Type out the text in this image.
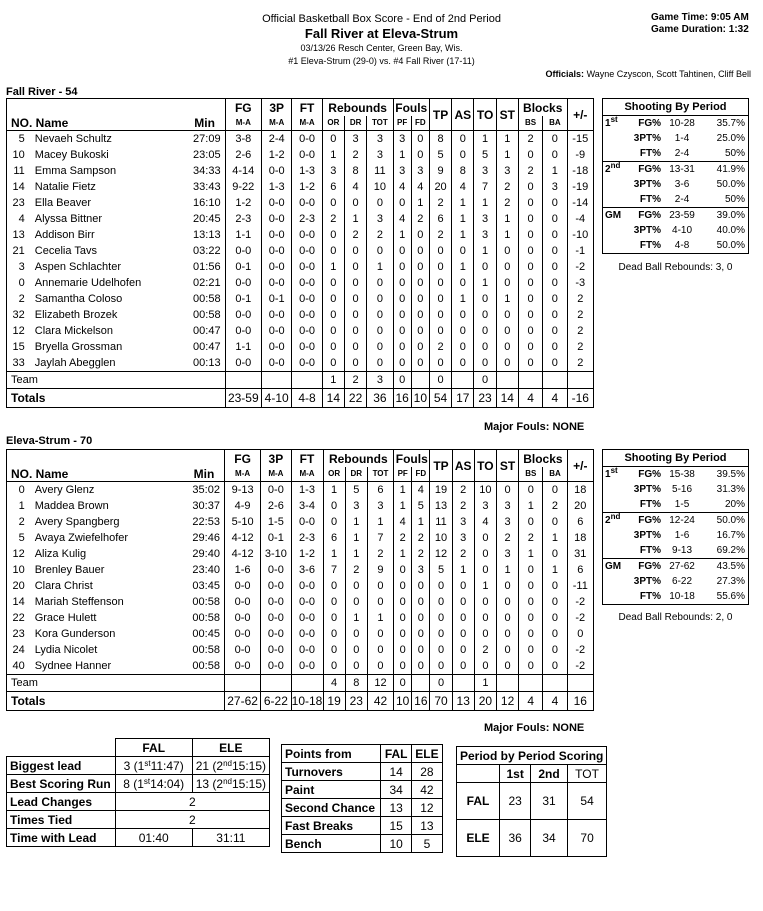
Official Basketball Box Score - End of 2nd Period
Fall River at Eleva-Strum
03/13/26 Resch Center, Green Bay, Wis.
#1 Eleva-Strum (29-0) vs. #4 Fall River (17-11)
Game Time: 9:05 AM
Game Duration: 1:32
Officials: Wayne Czyscon, Scott Tahtinen, Cliff Bell
Fall River - 54
			FG	3P	FT	Rebounds			Fouls		TP	AS	TO	ST	Blocks		+/-
NO. Name		Min	M-A	M-A	M-A	OR	DR	TOT	PF	FD					BS	BA	
5	Nevaeh Schultz	27:09	3-8	2-4	0-0	0	3	3	3	0	8	0	1	1	2	0	-15
10	Macey Bukoski	23:05	2-6	1-2	0-0	1	2	3	1	0	5	0	5	1	0	0	-9
11	Emma Sampson	34:33	4-14	0-0	1-3	3	8	11	3	3	9	8	3	3	2	1	-18
14	Natalie Fietz	33:43	9-22	1-3	1-2	6	4	10	4	4	20	4	7	2	0	3	-19
23	Ella Beaver	16:10	1-2	0-0	0-0	0	0	0	0	1	2	1	1	2	0	0	-14
4	Alyssa Bittner	20:45	2-3	0-0	2-3	2	1	3	4	2	6	1	3	1	0	0	-4
13	Addison Birr	13:13	1-1	0-0	0-0	0	2	2	1	0	2	1	3	1	0	0	-10
21	Cecelia Tavs	03:22	0-0	0-0	0-0	0	0	0	0	0	0	0	1	0	0	0	-1
3	Aspen Schlachter	01:56	0-1	0-0	0-0	1	0	1	0	0	0	1	0	0	0	0	-2
0	Annemarie Udelhofen	02:21	0-0	0-0	0-0	0	0	0	0	0	0	0	1	0	0	0	-3
2	Samantha Coloso	00:58	0-1	0-1	0-0	0	0	0	0	0	0	1	0	1	0	0	2
32	Elizabeth Brozek	00:58	0-0	0-0	0-0	0	0	0	0	0	0	0	0	0	0	0	2
12	Clara Mickelson	00:47	0-0	0-0	0-0	0	0	0	0	0	0	0	0	0	0	0	2
15	Bryella Grossman	00:47	1-1	0-0	0-0	0	0	0	0	0	2	0	0	0	0	0	2
33	Jaylah Abegglen	00:13	0-0	0-0	0-0	0	0	0	0	0	0	0	0	0	0	0	2
Team						1	2	3	0		0		0				
Totals			23-59	4-10	4-8	14	22	36	16	10	54	17	23	14	4	4	-16
Major Fouls: NONE
Shooting By Period			
1st	FG%	10-28	35.7%
	3PT%	1-4	25.0%
	FT%	2-4	50%
2nd	FG%	13-31	41.9%
	3PT%	3-6	50.0%
	FT%	2-4	50%
GM	FG%	23-59	39.0%
	3PT%	4-10	40.0%
	FT%	4-8	50.0%
Dead Ball Rebounds: 3, 0
Eleva-Strum - 70
			FG	3P	FT	Rebounds			Fouls		TP	AS	TO	ST	Blocks		+/-
NO. Name		Min	M-A	M-A	M-A	OR	DR	TOT	PF	FD					BS	BA	
0	Avery Glenz	35:02	9-13	0-0	1-3	1	5	6	1	4	19	2	10	0	0	0	18
1	Maddea Brown	30:37	4-9	2-6	3-4	0	3	3	1	5	13	2	3	3	1	2	20
2	Avery Spangberg	22:53	5-10	1-5	0-0	0	1	1	4	1	11	3	4	3	0	0	6
5	Avaya Zwiefelhofer	29:46	4-12	0-1	2-3	6	1	7	2	2	10	3	0	2	2	1	18
12	Aliza Kulig	29:40	4-12	3-10	1-2	1	1	2	1	2	12	2	0	3	1	0	31
10	Brenley Bauer	23:40	1-6	0-0	3-6	7	2	9	0	3	5	1	0	1	0	1	6
20	Clara Christ	03:45	0-0	0-0	0-0	0	0	0	0	0	0	0	1	0	0	0	-11
14	Mariah Steffenson	00:58	0-0	0-0	0-0	0	0	0	0	0	0	0	0	0	0	0	-2
22	Grace Hulett	00:58	0-0	0-0	0-0	0	1	1	0	0	0	0	0	0	0	0	-2
23	Kora Gunderson	00:45	0-0	0-0	0-0	0	0	0	0	0	0	0	0	0	0	0	0
24	Lydia Nicolet	00:58	0-0	0-0	0-0	0	0	0	0	0	0	0	2	0	0	0	-2
40	Sydnee Hanner	00:58	0-0	0-0	0-0	0	0	0	0	0	0	0	0	0	0	0	-2
Team						4	8	12	0		0		1				
Totals			27-62	6-22	10-18	19	23	42	10	16	70	13	20	12	4	4	16
Major Fouls: NONE
Shooting By Period			
1st	FG%	15-38	39.5%
	3PT%	5-16	31.3%
	FT%	1-5	20%
2nd	FG%	12-24	50.0%
	3PT%	1-6	16.7%
	FT%	9-13	69.2%
GM	FG%	27-62	43.5%
	3PT%	6-22	27.3%
	FT%	10-18	55.6%
Dead Ball Rebounds: 2, 0
	FAL	ELE
Biggest lead	3 (1st11:47)	21 (2nd15:15)
Best Scoring Run	8 (1st14:04)	13 (2nd15:15)
Lead Changes	2	
Times Tied	2	
Time with Lead	01:40	31:11
Points from	FAL	ELE
Turnovers	14	28
Paint	34	42
Second Chance	13	12
Fast Breaks	15	13
Bench	10	5
Period by Period Scoring			
	1st	2nd	TOT
FAL	23	31	54
ELE	36	34	70
